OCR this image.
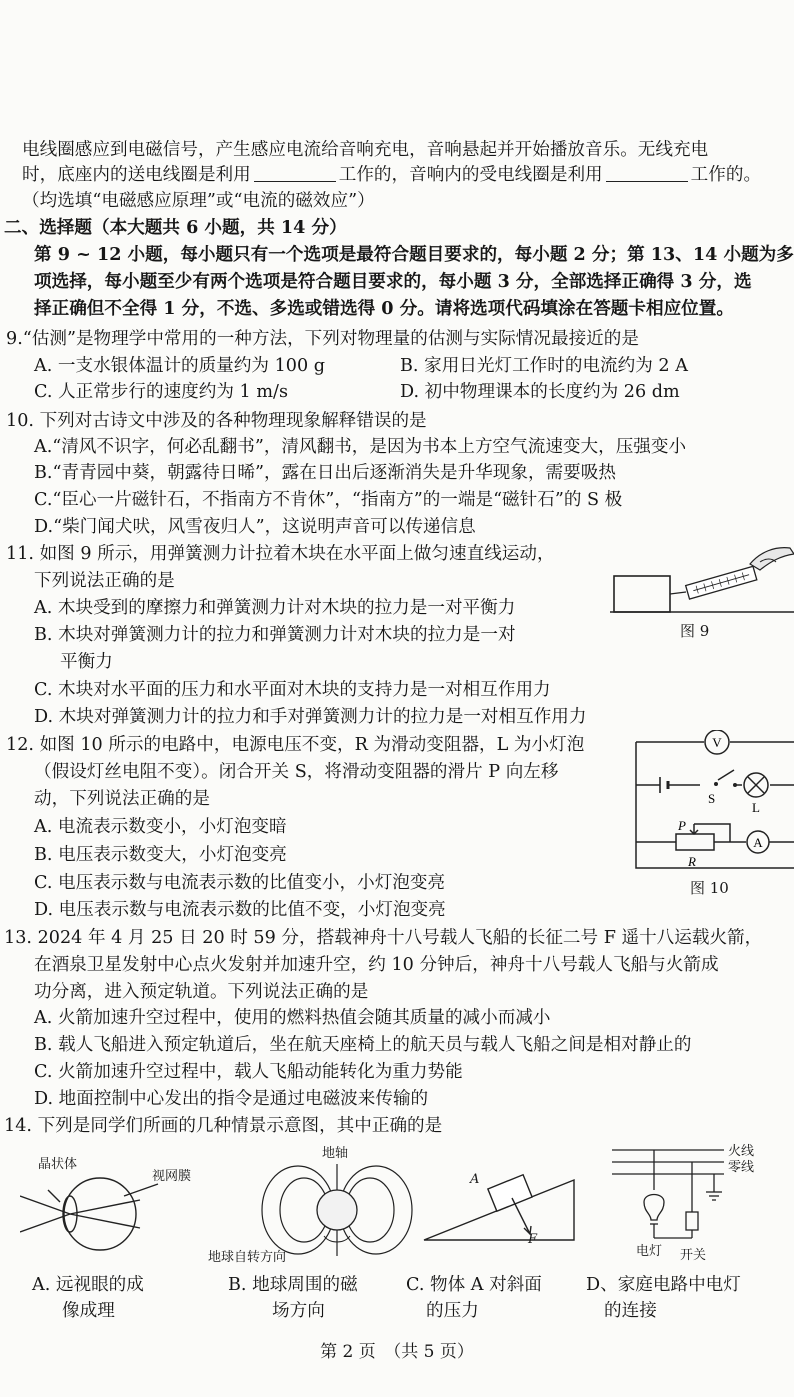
电线圈感应到电磁信号，产生感应电流给音响充电，音响悬起并开始播放音乐。无线充电
时，底座内的送电线圈是利用	工作的，音响内的受电线圈是利用	工作的。
（均选填“电磁感应原理”或“电流的磁效应”）
二、选择题（本大题共 6 小题，共 14 分）
第 9 ~ 12 小题，每小题只有一个选项是最符合题目要求的，每小题 2 分；第 13、14 小题为多
项选择，每小题至少有两个选项是符合题目要求的，每小题 3 分，全部选择正确得 3 分，选
择正确但不全得 1 分，不选、多选或错选得 0 分。请将选项代码填涂在答题卡相应位置。
9.“估测”是物理学中常用的一种方法，下列对物理量的估测与实际情况最接近的是
A. 一支水银体温计的质量约为 100 g	B. 家用日光灯工作时的电流约为 2 A
C. 人正常步行的速度约为 1 m/s	D. 初中物理课本的长度约为 26 dm
10. 下列对古诗文中涉及的各种物理现象解释错误的是
A.“清风不识字，何必乱翻书”，清风翻书，是因为书本上方空气流速变大，压强变小
B.“青青园中葵，朝露待日晞”，露在日出后逐渐消失是升华现象，需要吸热
C.“臣心一片磁针石，不指南方不肯休”，“指南方”的一端是“磁针石”的 S 极
D.“柴门闻犬吠，风雪夜归人”，这说明声音可以传递信息
11. 如图 9 所示，用弹簧测力计拉着木块在水平面上做匀速直线运动，
下列说法正确的是
A. 木块受到的摩擦力和弹簧测力计对木块的拉力是一对平衡力
B. 木块对弹簧测力计的拉力和弹簧测力计对木块的拉力是一对
平衡力
C. 木块对水平面的压力和水平面对木块的支持力是一对相互作用力
D. 木块对弹簧测力计的拉力和手对弹簧测力计的拉力是一对相互作用力
图 9
12. 如图 10 所示的电路中，电源电压不变，R 为滑动变阻器，L 为小灯泡
（假设灯丝电阻不变）。闭合开关 S，将滑动变阻器的滑片 P 向左移
动，下列说法正确的是
A. 电流表示数变小，小灯泡变暗
B. 电压表示数变大，小灯泡变亮
C. 电压表示数与电流表示数的比值变小，小灯泡变亮
D. 电压表示数与电流表示数的比值不变，小灯泡变亮
V
A
S
L
P
R
图 10
13. 2024 年 4 月 25 日 20 时 59 分，搭载神舟十八号载人飞船的长征二号 F 遥十八运载火箭，
在酒泉卫星发射中心点火发射并加速升空，约 10 分钟后，神舟十八号载人飞船与火箭成
功分离，进入预定轨道。下列说法正确的是
A. 火箭加速升空过程中，使用的燃料热值会随其质量的减小而减小
B. 载人飞船进入预定轨道后，坐在航天座椅上的航天员与载人飞船之间是相对静止的
C. 火箭加速升空过程中，载人飞船动能转化为重力势能
D. 地面控制中心发出的指令是通过电磁波来传输的
14. 下列是同学们所画的几种情景示意图，其中正确的是
晶状体
视网膜
A. 远视眼的成
像成理
地轴
地球自转方向
B. 地球周围的磁
场方向
A
F
C. 物体 A 对斜面
的压力
火线
零线
电灯 开关
D、家庭电路中电灯
的连接
第 2 页　（共 5 页）
